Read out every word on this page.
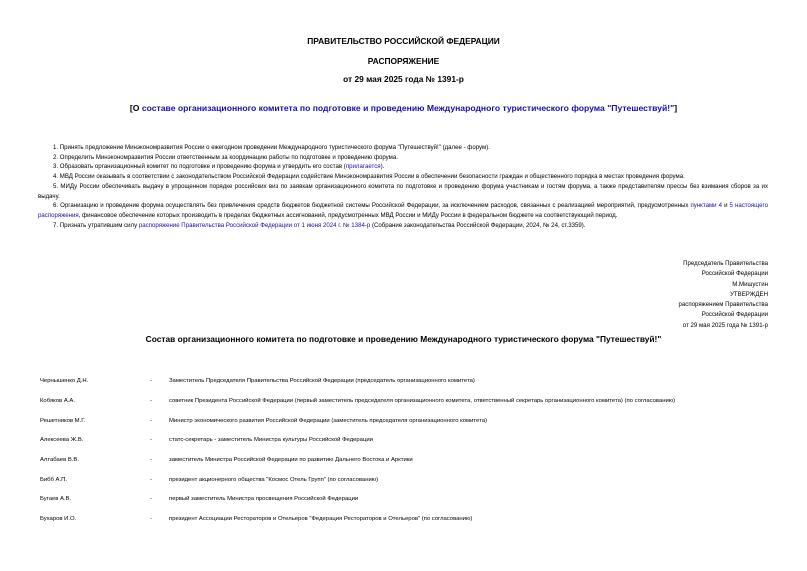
ПРАВИТЕЛЬСТВО РОССИЙСКОЙ ФЕДЕРАЦИИ
РАСПОРЯЖЕНИЕ
от 29 мая 2025 года № 1391-р
[О составе организационного комитета по подготовке и проведению Международного туристического форума "Путешествуй!"]

1. Принять предложение Минэкономразвития России о ежегодном проведении Международного туристического форума "Путешествуй!" (далее - форум).

2. Определить Минэкономразвития России ответственным за координацию работы по подготовке и проведению форума.

3. Образовать организационный комитет по подготовке и проведению форума и утвердить его состав (прилагается).

4. МВД России оказывать в соответствии с законодательством Российской Федерации содействие Минэкономразвития России в обеспечении безопасности граждан и общественного порядка в местах проведения форума.

5. МИДу России обеспечивать выдачу в упрощенном порядке российских виз по заявкам организационного комитета по подготовке и проведению форума участникам и гостям форума, а также представителям прессы без взимания сборов за их выдачу.

6. Организацию и проведение форума осуществлять без привлечения средств бюджетов бюджетной системы Российской Федерации, за исключением расходов, связанных с реализацией мероприятий, предусмотренных пунктами 4 и 5 настоящего распоряжения, финансовое обеспечение которых производить в пределах бюджетных ассигнований, предусмотренных МВД России и МИДу России в федеральном бюджете на соответствующий период.

7. Признать утратившим силу распоряжение Правительства Российской Федерации от 1 июня 2024 г. № 1384-р (Собрание законодательства Российской Федерации, 2024, № 24, ст.3359).

Председатель Правительства
Российской Федерации
М.Мишустин
УТВЕРЖДЕН
распоряжением Правительства
Российской Федерации
от 29 мая 2025 года № 1391-р
Состав организационного комитета по подготовке и проведению Международного туристического форума "Путешествуй!"
Чернышенко Д.Н.	-	Заместитель Председателя Правительства Российской Федерации (председатель организационного комитета)
Кобяков А.А.	-	советник Президента Российской Федерации (первый заместитель председателя организационного комитета, ответственный секретарь организационного комитета) (по согласованию)
Решетников М.Г.	-	Министр экономического развития Российской Федерации (заместитель председателя организационного комитета)
Алексеева Ж.В.	-	статс-секретарь - заместитель Министра культуры Российской Федерации
Алтабаев В.В.	-	заместитель Министра Российской Федерации по развитию Дальнего Востока и Арктики
Бибб А.П.	-	президент акционерного общества "Космос Отель Групп" (по согласованию)
Бугаев А.В.	-	первый заместитель Министра просвещения Российской Федерации
Бухаров И.О.	-	президент Ассоциации Рестораторов и Отельеров "Федерация Рестораторов и Отельеров" (по согласованию)
